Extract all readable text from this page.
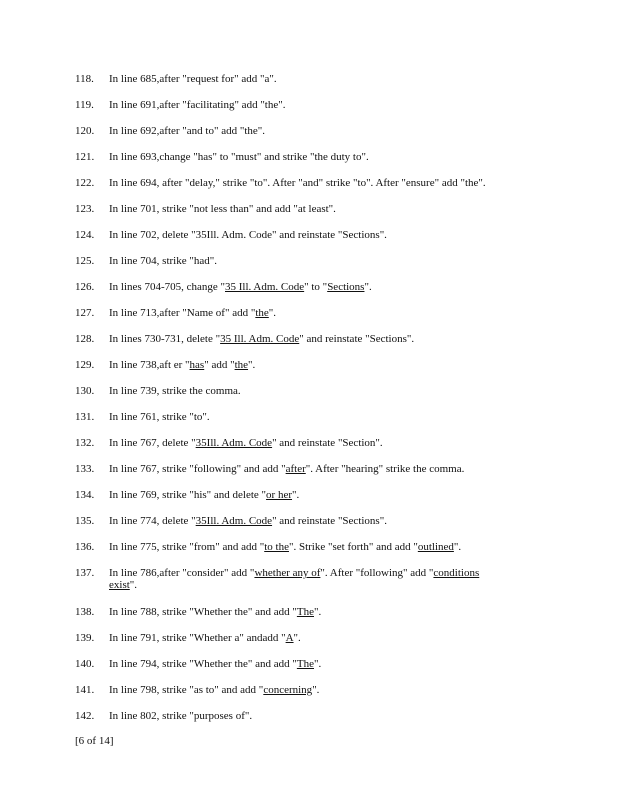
118.	In line 685,after "request for" add "a".
119.	In line 691,after "facilitating" add "the".
120.	In line 692,after "and to" add "the".
121.	In line 693,change "has" to "must" and strike "the duty to".
122.	In line 694, after "delay," strike "to". After "and" strike "to". After "ensure" add "the".
123.	In line 701, strike "not less than" and add "at least".
124.	In line 702, delete "35Ill. Adm. Code" and reinstate "Sections".
125.	In line 704, strike "had".
126.	In lines 704-705, change "35 Ill. Adm. Code" to "Sections".
127.	In line 713,after "Name of" add "the".
128.	In lines 730-731, delete "35 Ill. Adm. Code" and reinstate "Sections".
129.	In line 738,aft er "has" add "the".
130.	In line 739, strike the comma.
131.	In line 761, strike "to".
132.	In line 767, delete "35Ill. Adm. Code" and reinstate "Section".
133.	In line 767, strike "following" and add "after". After "hearing" strike the comma.
134.	In line 769, strike "his" and delete "or her".
135.	In line 774, delete "35Ill. Adm. Code" and reinstate "Sections".
136.	In line 775, strike "from" and add "to the". Strike "set forth" and add "outlined".
137.	In line 786,after "consider" add "whether any of". After "following" add "conditions
exist".
138.	In line 788, strike "Whether the" and add "The".
139.	In line 791, strike "Whether a" andadd "A".
140.	In line 794, strike "Whether the" and add "The".
141.	In line 798, strike "as to" and add "concerning".
142.	In line 802, strike "purposes of".
[6 of 14]
